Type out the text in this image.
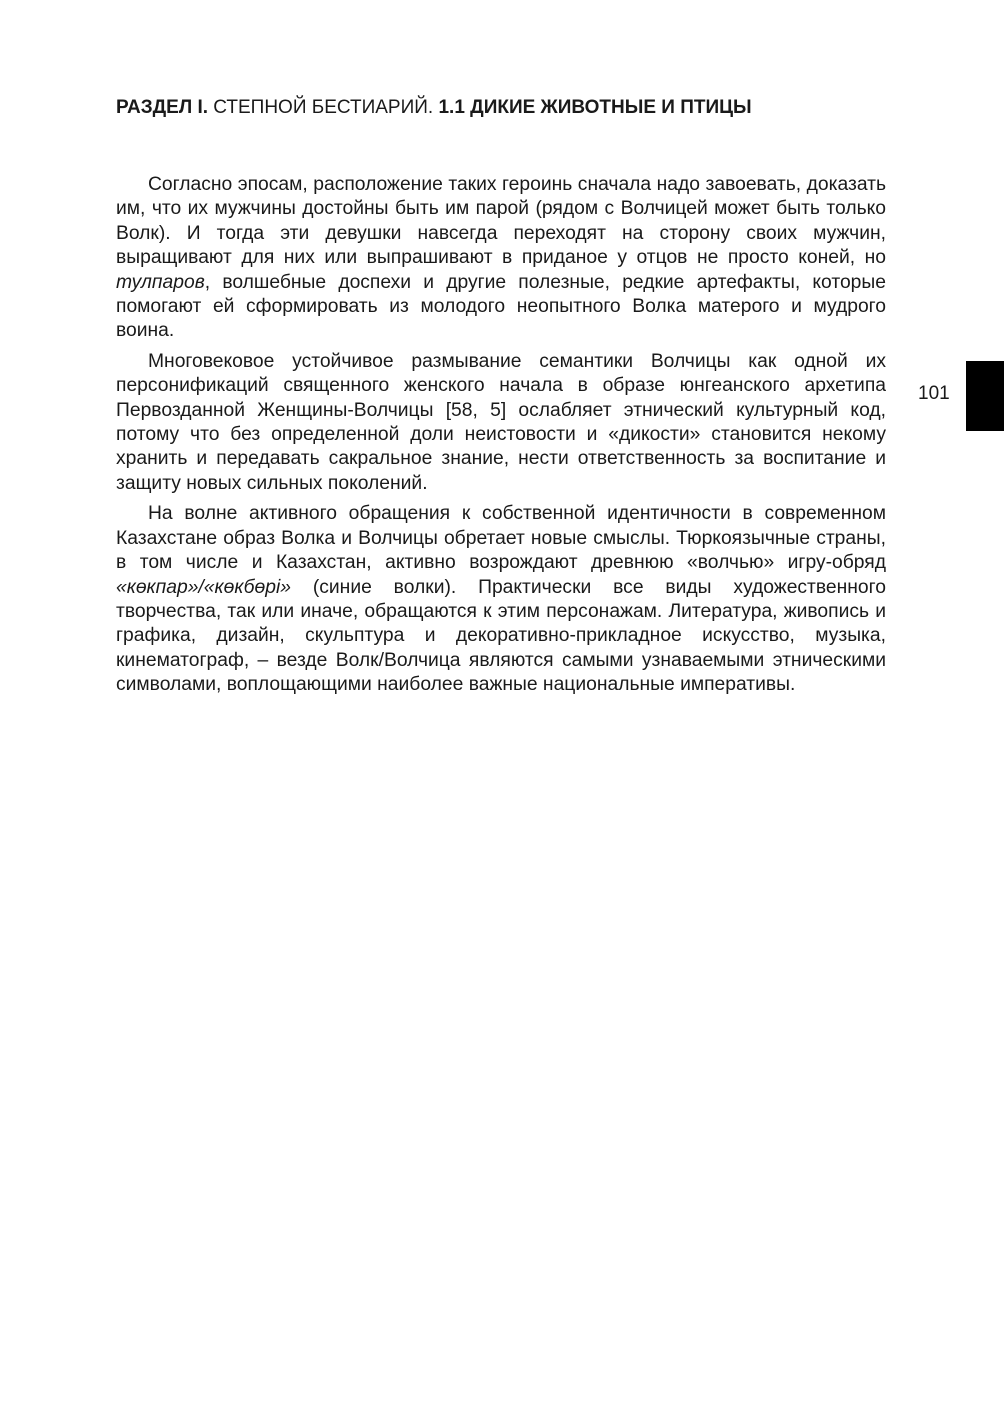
РАЗДЕЛ I. СТЕПНОЙ БЕСТИАРИЙ. 1.1 ДИКИЕ ЖИВОТНЫЕ И ПТИЦЫ

Согласно эпосам, расположение таких героинь сначала надо завоевать, доказать им, что их мужчины достойны быть им парой (рядом с Волчицей может быть только Волк). И тогда эти девушки навсегда переходят на сторону своих мужчин, выращивают для них или выпрашивают в приданое у отцов не просто коней, но тулпаров, волшебные доспехи и другие полезные, редкие артефакты, которые помогают ей сформировать из молодого неопытного Волка матерого и мудрого воина.

Многовековое устойчивое размывание семантики Волчицы как одной их персонификаций священного женского начала в образе юнгеанского архетипа Первозданной Женщины-Волчицы [58, 5] ослабляет этнический культурный код, потому что без определенной доли неистовости и «дикости» становится некому хранить и передавать сакральное знание, нести ответственность за воспитание и защиту новых сильных поколений.

На волне активного обращения к собственной идентичности в современном Казахстане образ Волка и Волчицы обретает новые смыслы. Тюркоязычные страны, в том числе и Казахстан, активно возрождают древнюю «волчью» игру-обряд «көкпар»/«көкбөрі» (синие волки). Практически все виды художественного творчества, так или иначе, обращаются к этим персонажам. Литература, живопись и графика, дизайн, скульптура и декоративно-прикладное искусство, музыка, кинематограф, – везде Волк/Волчица являются самыми узнаваемыми этническими символами, воплощающими наиболее важные национальные императивы.

101
